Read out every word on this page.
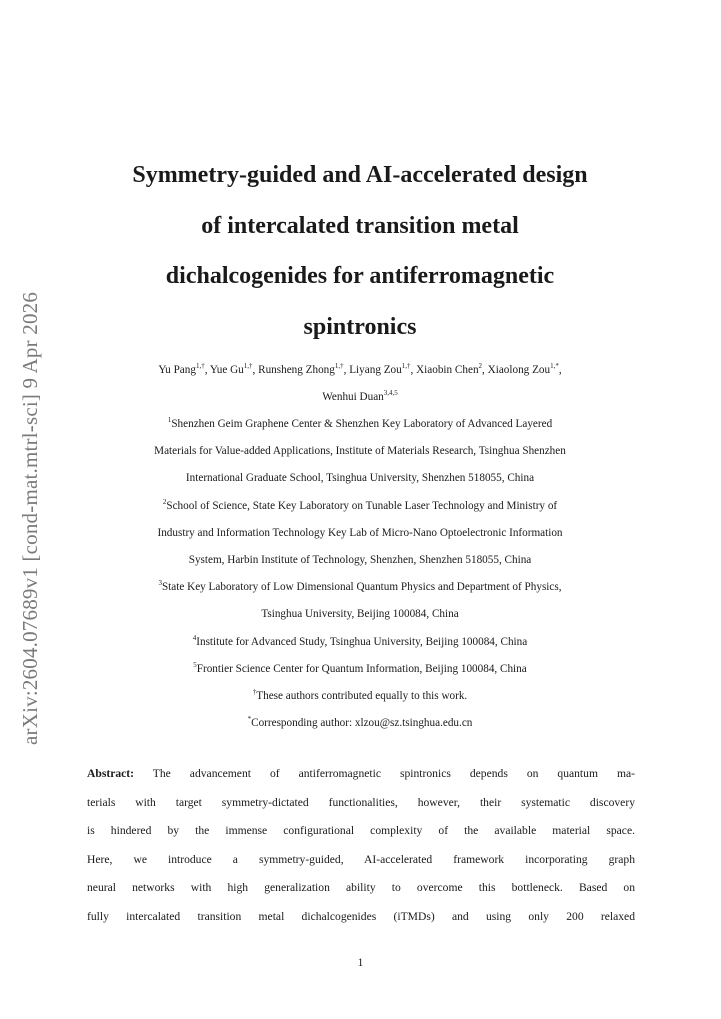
arXiv:2604.07689v1 [cond-mat.mtrl-sci] 9 Apr 2026
Symmetry-guided and AI-accelerated design
of intercalated transition metal
dichalcogenides for antiferromagnetic
spintronics
Yu Pang$^{1,\dagger}$, Yue $Gu^{1,\dagger}$, Runsheng Zhong$^{1,\dagger}$, Liyang Zou$^{1,\dagger}$, Xiaobin Chen$^2$, Xiaolong Zou$^{1,*}$,
Wenhui Duan$^{3,4,5}$
$^1$Shenzhen Geim Graphene Center & Shenzhen Key Laboratory of Advanced Layered
Materials for Value-added Applications, Institute of Materials Research, Tsinghua Shenzhen
International Graduate School, Tsinghua University, Shenzhen 518055, China
$^2$School of Science, State Key Laboratory on Tunable Laser Technology and Ministry of
Industry and Information Technology Key Lab of Micro-Nano Optoelectronic Information
System, Harbin Institute of Technology, Shenzhen, Shenzhen 518055, China
$^3$State Key Laboratory of Low Dimensional Quantum Physics and Department of Physics,
Tsinghua University, Beijing 100084, China
$^4$Institute for Advanced Study, Tsinghua University, Beijing 100084, China
$^5$Frontier Science Center for Quantum Information, Beijing 100084, China
†These authors contributed equally to this work.
*Corresponding author: xlzou@sz.tsinghua.edu.cn
Abstract: The advancement of antiferromagnetic spintronics depends on quantum ma-
terials with target symmetry-dictated functionalities, however, their systematic discovery
is hindered by the immense configurational complexity of the available material space.
Here, we introduce a symmetry-guided, AI-accelerated framework incorporating graph
neural networks with high generalization ability to overcome this bottleneck. Based on
fully intercalated transition metal dichalcogenides (iTMDs) and using only 200 relaxed
1
